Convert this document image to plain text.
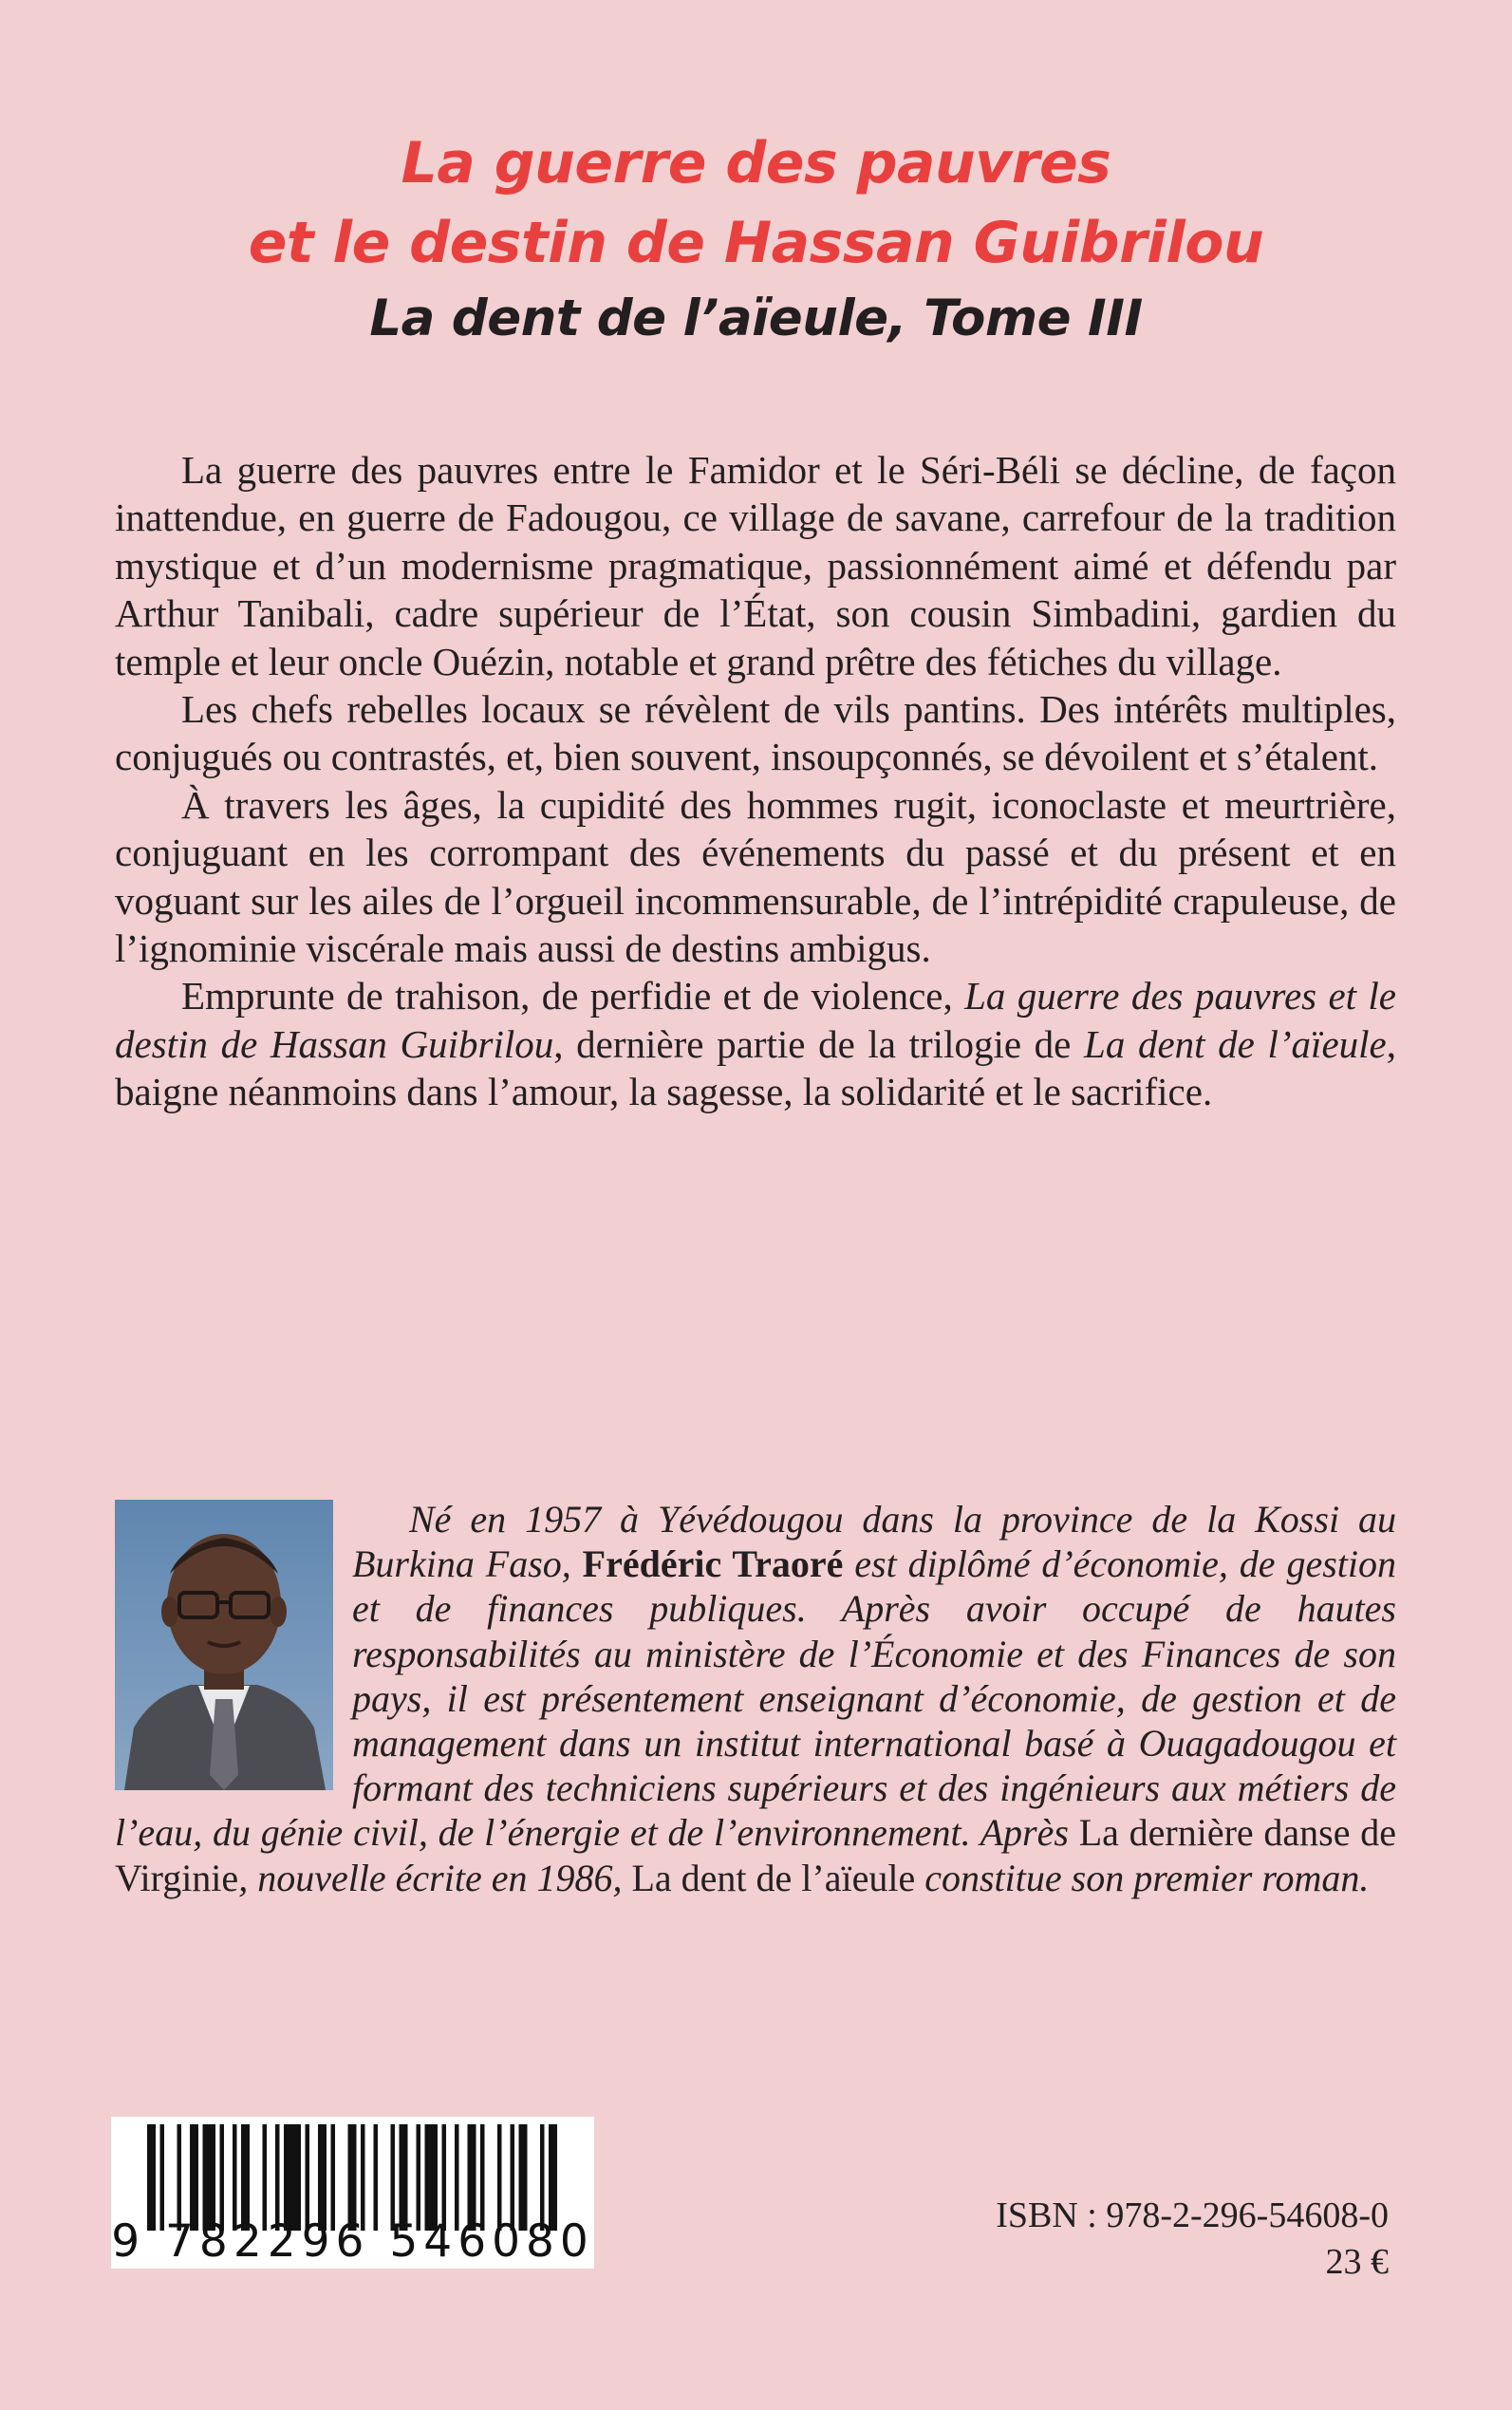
La guerre des pauvres
et le destin de Hassan Guibrilou
La dent de l’aïeule, Tome III

La guerre des pauvres entre le Famidor et le Séri-Béli se décline, de façon inattendue, en guerre de Fadougou, ce village de savane, carrefour de la tradition mystique et d’un modernisme pragmatique, passionnément aimé et défendu par Arthur Tanibali, cadre supérieur de l’État, son cousin Simbadini, gardien du temple et leur oncle Ouézin, notable et grand prêtre des fétiches du village.

Les chefs rebelles locaux se révèlent de vils pantins. Des intérêts multiples, conjugués ou contrastés, et, bien souvent, insoupçonnés, se dévoilent et s’étalent.

À travers les âges, la cupidité des hommes rugit, iconoclaste et meurtrière, conjuguant en les corrompant des événements du passé et du présent et en voguant sur les ailes de l’orgueil incommensurable, de l’intrépidité crapuleuse, de l’ignominie viscérale mais aussi de destins ambigus.

Emprunte de trahison, de perfidie et de violence, La guerre des pauvres et le destin de Hassan Guibrilou, dernière partie de la trilogie de La dent de l’aïeule, baigne néanmoins dans l’amour, la sagesse, la solidarité et le sacrifice.

Né en 1957 à Yévédougou dans la province de la Kossi au Burkina Faso, Frédéric Traoré est diplômé d’économie, de gestion et de finances publiques. Après avoir occupé de hautes responsabilités au ministère de l’Économie et des Finances de son pays, il est présentement enseignant d’économie, de gestion et de management dans un institut international basé à Ouagadougou et formant des techniciens supérieurs et des ingénieurs aux métiers de l’eau, du génie civil, de l’énergie et de l’environnement. Après La dernière danse de Virginie, nouvelle écrite en 1986, La dent de l’aïeule constitue son premier roman.

9 782296 546080	ISBN : 978-2-296-54608-0
23 €
